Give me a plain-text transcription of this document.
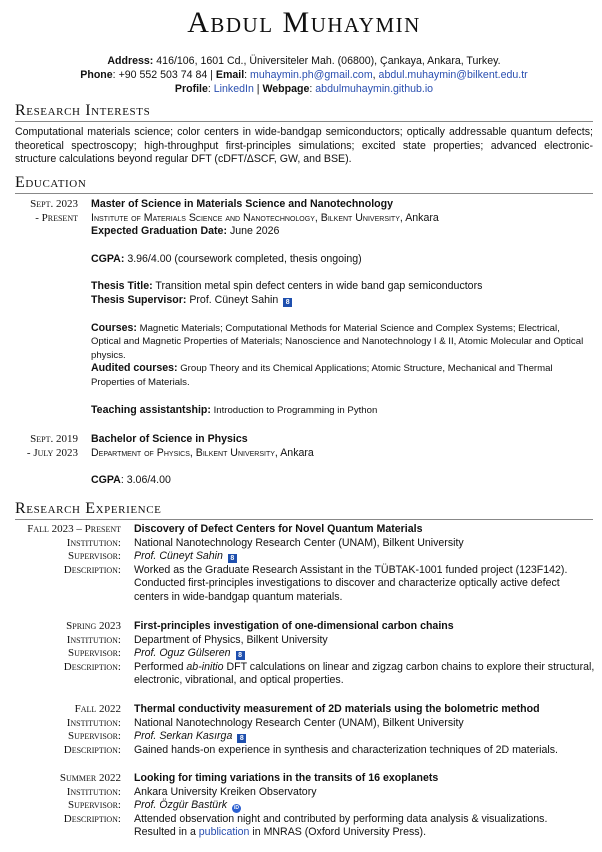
Abdul Muhaymin
Address: 416/106, 1601 Cd., Üniversiteler Mah. (06800), Çankaya, Ankara, Turkey.
Phone: +90 552 503 74 84 | Email: muhaymin.ph@gmail.com, abdul.muhaymin@bilkent.edu.tr
Profile: LinkedIn | Webpage: abdulmuhaymin.github.io
Research Interests
Computational materials science; color centers in wide-bandgap semiconductors; optically addressable quantum defects; theoretical spectroscopy; high-throughput first-principles simulations; excited state properties; advanced electronic-structure calculations beyond regular DFT (cDFT/ΔSCF, GW, and BSE).
Education
Sept. 2023
- Present
Master of Science in Materials Science and Nanotechnology
Institute of Materials Science and Nanotechnology, Bilkent University, Ankara
Expected Graduation Date: June 2026
CGPA: 3.96/4.00 (coursework completed, thesis ongoing)
Thesis Title: Transition metal spin defect centers in wide band gap semiconductors
Thesis Supervisor: Prof. Cüneyt Sahin 8
Courses: Magnetic Materials; Computational Methods for Material Science and Complex Systems; Electrical, Optical and Magnetic Properties of Materials; Nanoscience and Nanotechnology I & II, Atomic Molecular and Optical physics.
Audited courses: Group Theory and its Chemical Applications; Atomic Structure, Mechanical and Thermal Properties of Materials.
Teaching assistantship: Introduction to Programming in Python
Sept. 2019
- July 2023
Bachelor of Science in Physics
Department of Physics, Bilkent University, Ankara
CGPA: 3.06/4.00
Research Experience
Fall 2023 – Present Discovery of Defect Centers for Novel Quantum Materials
Institution: National Nanotechnology Research Center (UNAM), Bilkent University
Supervisor: Prof. Cüneyt Sahin 8
Description: Worked as the Graduate Research Assistant in the TÜBTAK-1001 funded project (123F142). Conducted first-principles investigations to discover and characterize optically active defect centers in wide-bandgap quantum materials.
Spring 2023 First-principles investigation of one-dimensional carbon chains
Institution: Department of Physics, Bilkent University
Supervisor: Prof. Oguz Gülseren 8
Description: Performed ab-initio DFT calculations on linear and zigzag carbon chains to explore their structural, electronic, vibrational, and optical properties.
Fall 2022 Thermal conductivity measurement of 2D materials using the bolometric method
Institution: National Nanotechnology Research Center (UNAM), Bilkent University
Supervisor: Prof. Serkan Kasırga 8
Description: Gained hands-on experience in synthesis and characterization techniques of 2D materials.
Summer 2022 Looking for timing variations in the transits of 16 exoplanets
Institution: Ankara University Kreiken Observatory
Supervisor: Prof. Özgür Bastürk iD
Description: Attended observation night and contributed by performing data analysis & visualizations.
Resulted in a publication in MNRAS (Oxford University Press).
